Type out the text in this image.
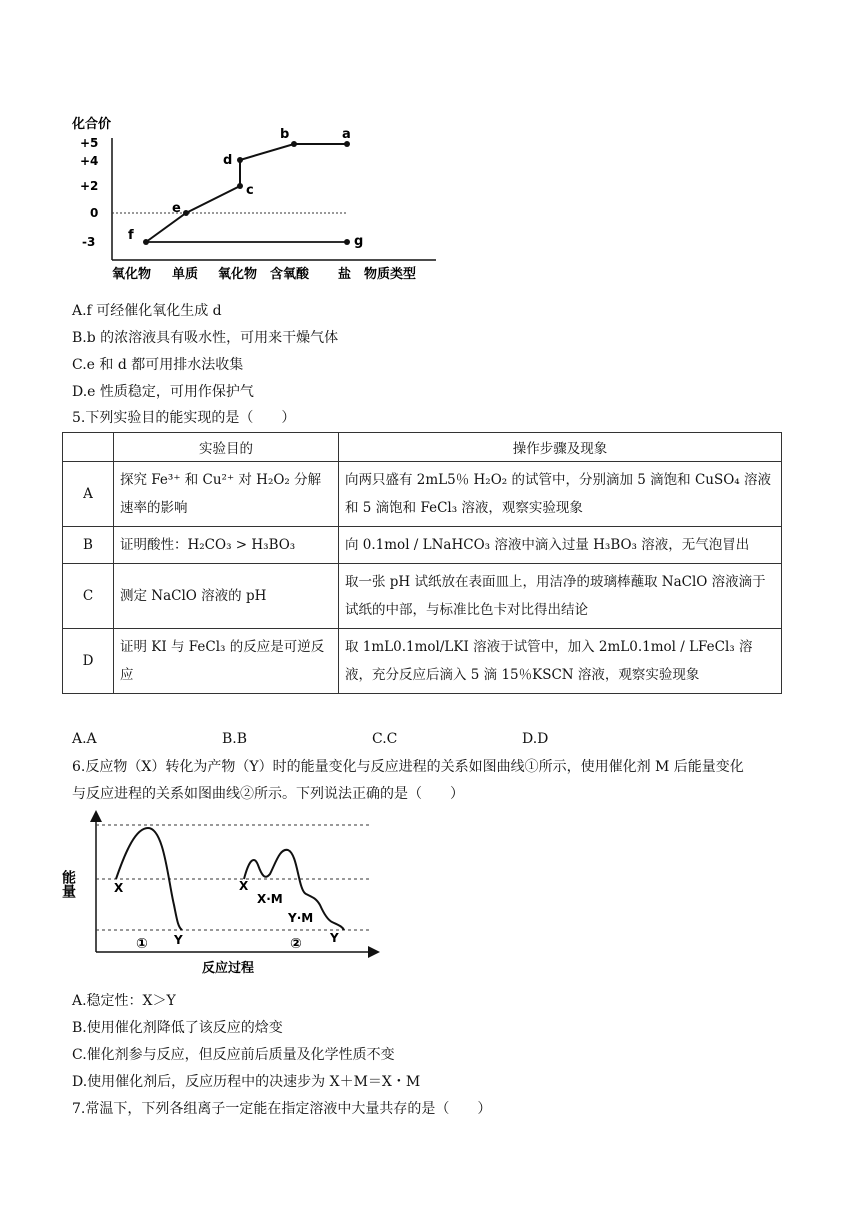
化合价
+5
+4
+2
0
-3
a
b
c
d
e
f	g
氧化物 单质 氧化物 含氧酸 盐 物质类型
A.f 可经催化氧化生成 d
B.b 的浓溶液具有吸水性，可用来干燥气体
C.e 和 d 都可用排水法收集
D.e 性质稳定，可用作保护气
5.下列实验目的能实现的是（　　）
	实验目的	操作步骤及现象
A	探究 Fe³⁺ 和 Cu²⁺ 对 H₂O₂ 分解速率的影响	向两只盛有 2mL5％ H₂O₂ 的试管中，分别滴加 5 滴饱和 CuSO₄ 溶液和 5 滴饱和 FeCl₃ 溶液，观察实验现象
B	证明酸性：H₂CO₃ > H₃BO₃	向 0.1mol / LNaHCO₃ 溶液中滴入过量 H₃BO₃ 溶液，无气泡冒出
C	测定 NaClO 溶液的 pH	取一张 pH 试纸放在表面皿上，用洁净的玻璃棒蘸取 NaClO 溶液滴于试纸的中部，与标准比色卡对比得出结论
D	证明 KI 与 FeCl₃ 的反应是可逆反应	取 1mL0.1mol/LKI 溶液于试管中，加入 2mL0.1mol / LFeCl₃ 溶液，充分反应后滴入 5 滴 15％KSCN 溶液，观察实验现象
A.A	B.B	C.C	D.D
6.反应物（X）转化为产物（Y）时的能量变化与反应进程的关系如图曲线①所示，使用催化剂 M 后能量变化
与反应进程的关系如图曲线②所示。下列说法正确的是（　　）
能量
反应过程
X
Y
①
X
X·M
Y·M
Y
②
A.稳定性：X＞Y
B.使用催化剂降低了该反应的焓变
C.催化剂参与反应，但反应前后质量及化学性质不变
D.使用催化剂后，反应历程中的决速步为 X＋M＝X・M
7.常温下，下列各组离子一定能在指定溶液中大量共存的是（　　）
